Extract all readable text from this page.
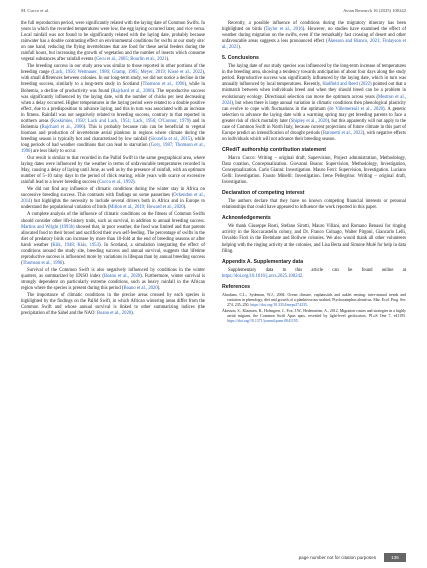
M. Cucco et al.	Avian Research 16 (2025) 100242

the full reproduction period, were significantly related with the laying date of Common Swifts. In years in which the recorded temperatures were low, the egg laying occurred later, and vice versa. Local rainfall was not found to be significantly related with the laying date, probably because rainwater has a double contrasting effect on environmental conditions for swifts at our study site: on one hand, reducing the flying invertebrates that are food for these aerial feeders during the rainfall hours, but increasing the growth of vegetation and the number of insects which consume vegetal substances after rainfall events (Cecu et al., 2005; Bourlin et al., 2021).

The breeding success in our study area was similar to those reported in other portions of the breeding range (Lack, 1956; Weitnauer, 1980; Gramp, 1985; Meyer, 2019; Kissé et al., 2022), with small differences between colonies. In our long-term study, we did not notice a decline in the breeding success, similarly to a long-term study in Scotland (Thomson et al., 1996), while in Bohemia, a decline of productivity was found (Rajchard et al., 2006). The reproductive success was significantly influenced by the laying date, with the number of chicks per nest decreasing when a delay occurred. Higher temperatures in the laying period were related to a double positive effect, due to a predisposition to advance laying, and this in turn was associated with an increase in fitness. Rainfall was not negatively related to breeding success, contrary to that reported in northern areas (Koskimies, 1950; Lack and Lack, 1951; Lack, 1956; O'Connor, 1979) and in Bohemia (Rajchard et al., 2006). This is probably because rain can be beneficial to vegetal biomass and production of invertebrate aerial plankton in regions where climate during the breeding season is typically hot and characterized by low rainfall (Sicurella et al., 2015), while long periods of bad weather conditions that can lead to starvation (Gory, 1987; Thomson et al., 1996) are less likely to occur.

Our result is similar to that recorded in the Pallid Swift in the same geographical area, where laying dates were influenced by the weather in terms of unfavourable temperatures recorded in May, causing a delay of laying until June, as well as by the presence of rainfall, with an optimum number of 5–10 rainy days in the period of chick rearing, while years with scarce or excessive rainfall lead to a lower breeding success (Cucco et al., 1992).

We did not find any influence of climatic conditions during the winter stay in Africa on successive breeding success. This contrasts with findings on some passerines (Ockendon et al., 2014) but highlights the necessity to include several drivers both in Africa and in Europe to understand the populational variation of birds (Millon et al., 2019; Howard et al., 2020).

A complete analysis of the influence of climatic conditions on the fitness of Common Swifts should consider other life-history traits, such as survival, in addition to annual breeding success. Martins and Wright (1993b) showed that, in poor weather, the food was limited and that parents allocated food to their brood and sacrificed their own self-feeding. The percentage of swifts in the diet of predatory birds can increase by more than 10-fold at the end of breeding seasons or after harsh weather (Kiik, 1948; Klás, 1953). In Scotland, a simulation integrating the effect of conditions around the study site, breeding success and annual survival, suggests that lifetime reproductive success is influenced more by variations in lifespan than by annual breeding success (Thomson et al., 1996).

Survival of the Common Swift is also negatively influenced by conditions in the winter quarters, as summarized by ENSO index (Boano et al., 2020). Furthermore, winter survival is strongly dependent on particularly extreme conditions, such as heavy rainfall in the African region where the species is present during this period (Boano et al., 2020).

The importance of climatic conditions in the precise areas crossed by each species is highlighted by the findings on the Pallid Swift, in which African wintering areas differ from the Common Swift and whose annual survival is linked to other summarizing indices (the precipitation of the Sahel and the NAO: Boano et al., 2020).

Recently, a possible influence of conditions during the migratory itinerary has been highlighted on birds (Taylor et al., 2016). However, no studies have examined the effect of weather during migration on the swifts, even if the remarkably fast crossing of desert and other unfavourable areas suggests a less pronounced effect (Åkesson and Bianco, 2021; Finlayson et al., 2021).

5. Conclusions

The laying date of our study species was influenced by the long-term increase of temperatures in the breeding area, showing a tendency towards anticipation of about four days along the study period. Reproductive success was significantly influenced by the laying date, which in turn was annually influenced by local temperatures. Recently, Hadfield and Reed (2022) pointed out that a mismatch between when individuals breed and when they should breed can be a problem in evolutionary ecology. Directional selection can move the optimum across years (Mestron et al., 2024), but when there is large annual variation in climatic conditions then phenological plasticity can evolve to cope with fluctuations in the optimum (de Villemereuil et al., 2020). A genetic selection to advance the laying date with a warming spring may get breeding parents to face a greater risk of chick mortality later (Shipley et al., 2020), but this apparently will not apply to the case of Common Swift in North Italy, because current projections of future climate in this part of Europe predict an intensification of drought periods (Baronetti et al., 2022), with negative effects on individuals which will not advance their breeding season.

CRediT authorship contribution statement

Marco Cucco: Writing – original draft, Supervision, Project administration, Methodology, Data curation, Conceptualization. Giovanni Boano: Supervision, Methodology, Investigation, Conceptualization. Carlo Gianni: Investigation. Mauro Ferri: Supervision, Investigation. Luciano Gelli: Investigation. Fausto Minelli: Investigation. Irene Pellegrino: Writing – original draft, Investigation.

Declaration of competing interest

The authors declare that they have no known competing financial interests or personal relationships that could have appeared to influence the work reported in this paper.

Acknowledgements

We thank Giuseppe Rosti, Stefano Sirotti, Mauro Villani, and Romano Benassi for ringing activity in the Roccacastello colony, and Dr. Franco Colnago, Walter Pirgoni, Giancarlo Lelli, Osvaldo Fiori in the Brembate and Bollwre colonies. We also would thank all other volunteers helping with the ringing activity at the colonies, and Lisa Berta and Simone Mulé for help in data filing.

Appendix A. Supplementary data

Supplementary data to this article can be found online at https://doi.org/10.1016/j.avrs.2025.100242.

References

Abraham, C.L., Sydeman, W.J., 2004. Ocean climate, euphausiids and auklet nesting: inter-annual trends and variation in phenology, diet and growth of a planktivorous seabird, Ptychoramphus aleuticus. Mar. Ecol. Prog. Ser. 274, 235–250. https://doi.org/10.3354/meps274235.

Åkesson, S., Klaassen, R., Holmgren, J., Fox, J.W., Hedenström, A., 2012. Migration routes and strategies in a highly aerial migrant, the Common Swift Apus apus, revealed by light-level geolocators. PLoS One 7, e41195. https://doi.org/10.1371/journal.pone.0041195.

page number not for citation purposes	135
